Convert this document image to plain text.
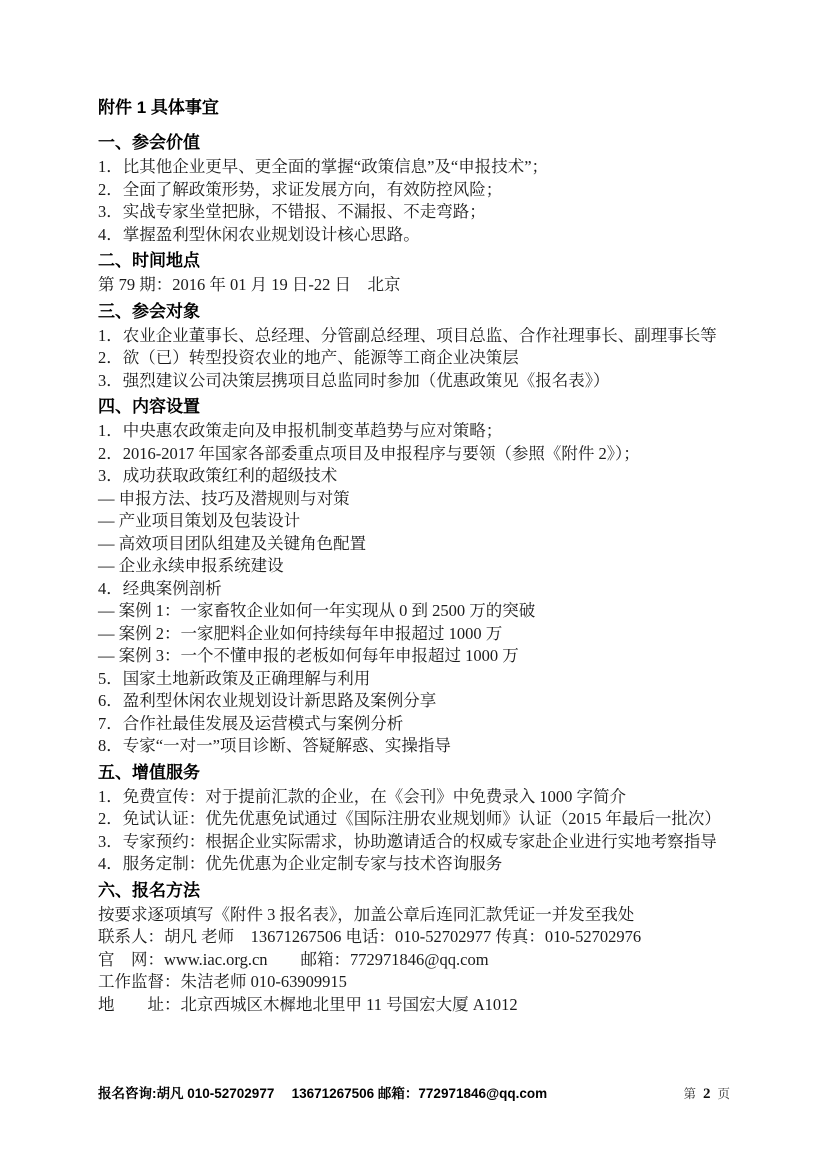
附件 1 具体事宜
一、参会价值

1．比其他企业更早、更全面的掌握“政策信息”及“申报技术”；

2．全面了解政策形势，求证发展方向，有效防控风险；

3．实战专家坐堂把脉，不错报、不漏报、不走弯路；

4．掌握盈利型休闲农业规划设计核心思路。

二、时间地点

第 79 期：2016 年 01 月 19 日-22 日　北京

三、参会对象

1．农业企业董事长、总经理、分管副总经理、项目总监、合作社理事长、副理事长等

2．欲（已）转型投资农业的地产、能源等工商企业决策层

3．强烈建议公司决策层携项目总监同时参加（优惠政策见《报名表》）

四、内容设置

1．中央惠农政策走向及申报机制变革趋势与应对策略；

2．2016-2017 年国家各部委重点项目及申报程序与要领（参照《附件 2》）；

3．成功获取政策红利的超级技术

— 申报方法、技巧及潜规则与对策

— 产业项目策划及包装设计

— 高效项目团队组建及关键角色配置

— 企业永续申报系统建设

4．经典案例剖析

— 案例 1：一家畜牧企业如何一年实现从 0 到 2500 万的突破

— 案例 2：一家肥料企业如何持续每年申报超过 1000 万

— 案例 3：一个不懂申报的老板如何每年申报超过 1000 万

5．国家土地新政策及正确理解与利用

6．盈利型休闲农业规划设计新思路及案例分享

7．合作社最佳发展及运营模式与案例分析

8．专家“一对一”项目诊断、答疑解惑、实操指导

五、增值服务

1．免费宣传：对于提前汇款的企业，在《会刊》中免费录入 1000 字简介

2．免试认证：优先优惠免试通过《国际注册农业规划师》认证（2015 年最后一批次）

3．专家预约：根据企业实际需求，协助邀请适合的权威专家赴企业进行实地考察指导

4．服务定制：优先优惠为企业定制专家与技术咨询服务

六、报名方法

按要求逐项填写《附件 3 报名表》，加盖公章后连同汇款凭证一并发至我处

联系人：胡凡 老师　13671267506 电话：010-52702977 传真：010-52702976

官　网：www.iac.org.cn　　邮箱：772971846@qq.com

工作监督：朱洁老师 010-63909915

地　　址：北京西城区木樨地北里甲 11 号国宏大厦 A1012

报名咨询:胡凡 010-52702977　 13671267506 邮箱：772971846@qq.com	第 2 页
